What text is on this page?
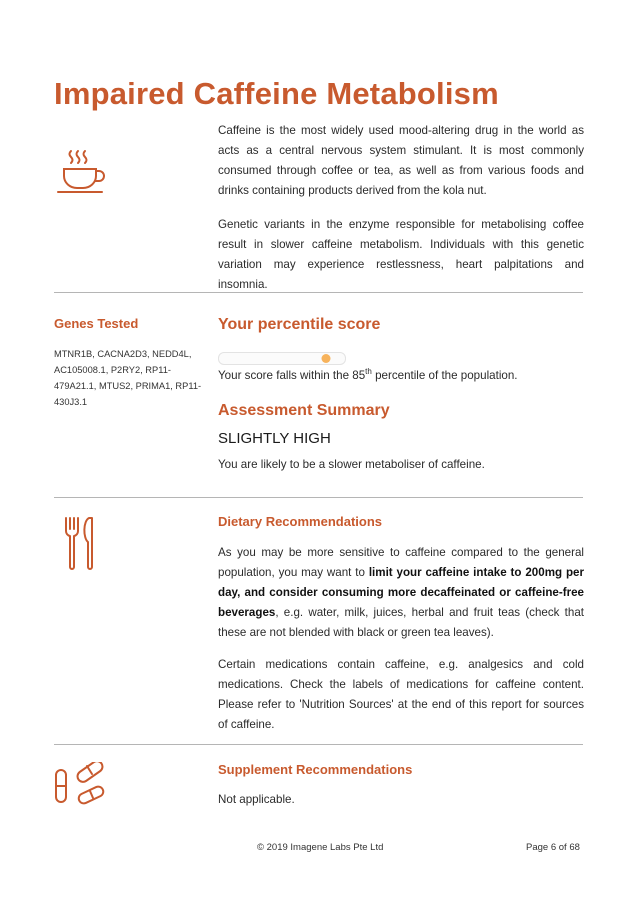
Impaired Caffeine Metabolism

Caffeine is the most widely used mood-altering drug in the world as acts as a central nervous system stimulant. It is most commonly consumed through coffee or tea, as well as from various foods and drinks containing products derived from the kola nut.

Genetic variants in the enzyme responsible for metabolising coffee result in slower caffeine metabolism. Individuals with this genetic variation may experience restlessness, heart palpitations and insomnia.

Genes Tested

MTNR1B, CACNA2D3, NEDD4L, AC105008.1, P2RY2, RP11-479A21.1, MTUS2, PRIMA1, RP11-430J3.1

Your percentile score

Your score falls within the 85th percentile of the population.

Assessment Summary

SLIGHTLY HIGH

You are likely to be a slower metaboliser of caffeine.

Dietary Recommendations

As you may be more sensitive to caffeine compared to the general population, you may want to limit your caffeine intake to 200mg per day, and consider consuming more decaffeinated or caffeine-free beverages, e.g. water, milk, juices, herbal and fruit teas (check that these are not blended with black or green tea leaves).

Certain medications contain caffeine, e.g. analgesics and cold medications. Check the labels of medications for caffeine content. Please refer to 'Nutrition Sources' at the end of this report for sources of caffeine.

Supplement Recommendations

Not applicable.

© 2019 Imagene Labs Pte Ltd	Page 6 of 68
